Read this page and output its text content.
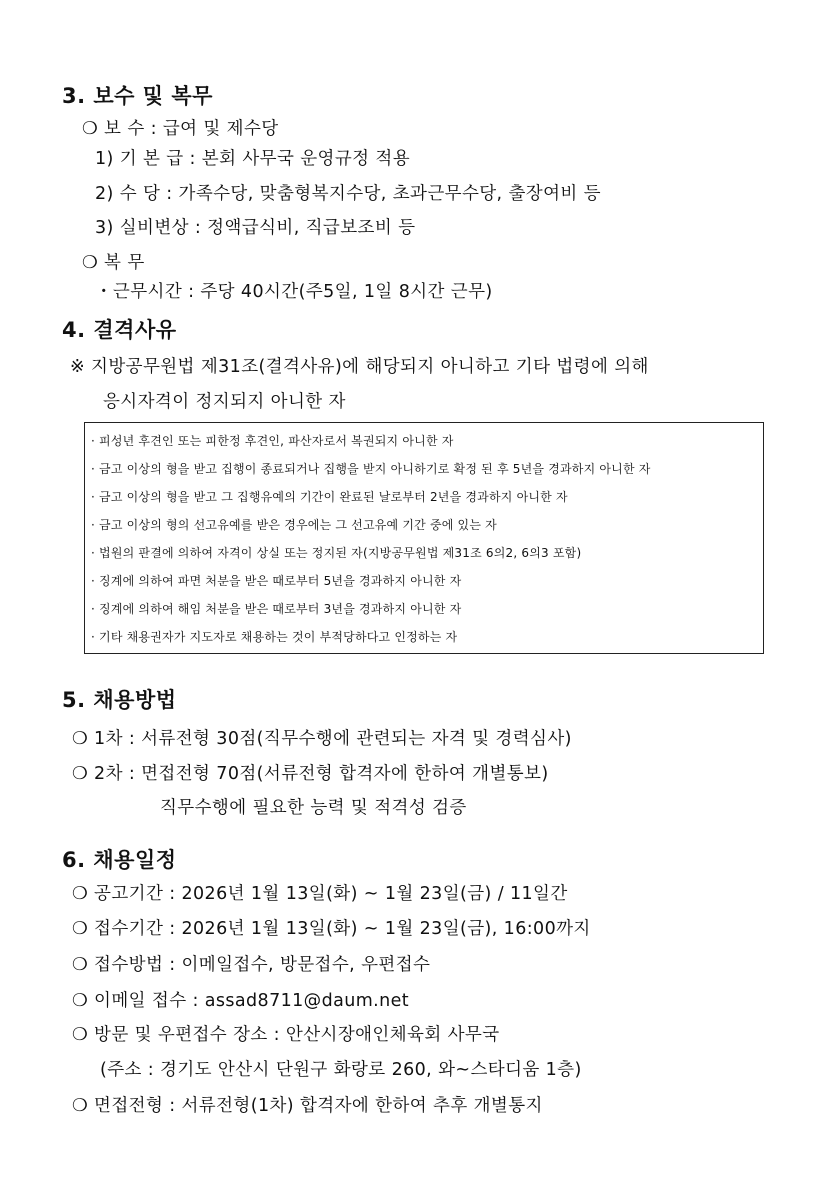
3. 보수 및 복무
❍ 보 수 : 급여 및 제수당
1) 기 본 급 : 본회 사무국 운영규정 적용
2) 수 당 : 가족수당, 맞춤형복지수당, 초과근무수당, 출장여비 등
3) 실비변상 : 정액급식비, 직급보조비 등
❍ 복 무
・근무시간 : 주당 40시간(주5일, 1일 8시간 근무)
4. 결격사유
※ 지방공무원법 제31조(결격사유)에 해당되지 아니하고 기타 법령에 의해
응시자격이 정지되지 아니한 자
· 피성년 후견인 또는 피한정 후견인, 파산자로서 복권되지 아니한 자
· 금고 이상의 형을 받고 집행이 종료되거나 집행을 받지 아니하기로 확정 된 후 5년을 경과하지 아니한 자
· 금고 이상의 형을 받고 그 집행유예의 기간이 완료된 날로부터 2년을 경과하지 아니한 자
· 금고 이상의 형의 선고유예를 받은 경우에는 그 선고유예 기간 중에 있는 자
· 법원의 판결에 의하여 자격이 상실 또는 정지된 자(지방공무원법 제31조 6의2, 6의3 포함)
· 징계에 의하여 파면 처분을 받은 때로부터 5년을 경과하지 아니한 자
· 징계에 의하여 해임 처분을 받은 때로부터 3년을 경과하지 아니한 자
· 기타 채용권자가 지도자로 채용하는 것이 부적당하다고 인정하는 자
5. 채용방법
❍ 1차 : 서류전형 30점(직무수행에 관련되는 자격 및 경력심사)
❍ 2차 : 면접전형 70점(서류전형 합격자에 한하여 개별통보)
직무수행에 필요한 능력 및 적격성 검증
6. 채용일정
❍ 공고기간 : 2026년 1월 13일(화) ~ 1월 23일(금) / 11일간
❍ 접수기간 : 2026년 1월 13일(화) ~ 1월 23일(금), 16:00까지
❍ 접수방법 : 이메일접수, 방문접수, 우편접수
❍ 이메일 접수 : assad8711@daum.net
❍ 방문 및 우편접수 장소 : 안산시장애인체육회 사무국
(주소 : 경기도 안산시 단원구 화랑로 260, 와~스타디움 1층)
❍ 면접전형 : 서류전형(1차) 합격자에 한하여 추후 개별통지
